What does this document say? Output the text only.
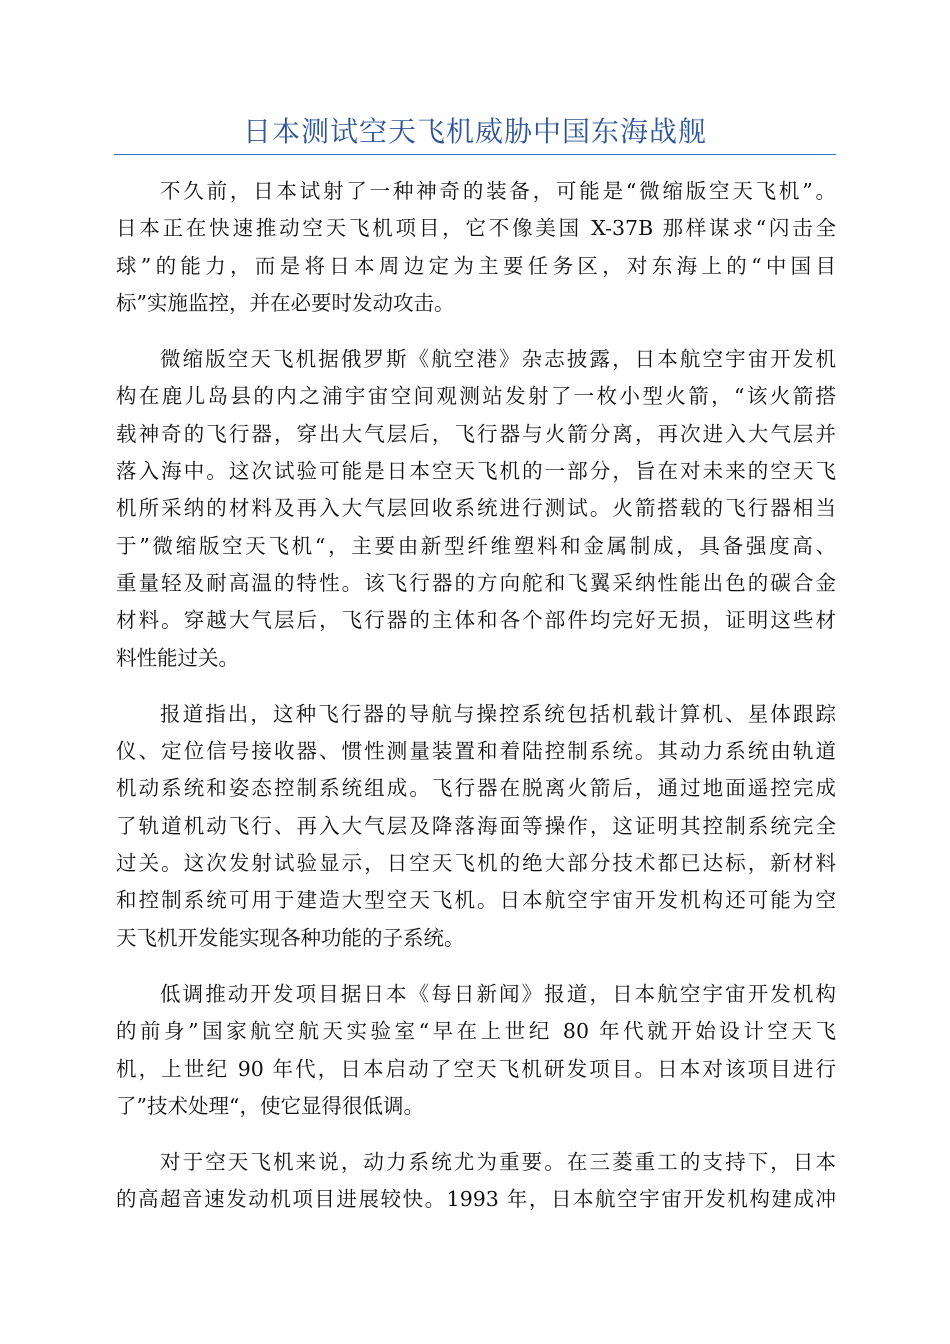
日本测试空天飞机威胁中国东海战舰
不久前，日本试射了一种神奇的装备，可能是“微缩版空天飞机”。
日本正在快速推动空天飞机项目，它不像美国 X-37B 那样谋求“闪击全
球”的能力，而是将日本周边定为主要任务区，对东海上的“中国目
标”实施监控，并在必要时发动攻击。
微缩版空天飞机据俄罗斯《航空港》杂志披露，日本航空宇宙开发机
构在鹿儿岛县的内之浦宇宙空间观测站发射了一枚小型火箭，“该火箭搭
载神奇的飞行器，穿出大气层后，飞行器与火箭分离，再次进入大气层并
落入海中。这次试验可能是日本空天飞机的一部分，旨在对未来的空天飞
机所采纳的材料及再入大气层回收系统进行测试。火箭搭载的飞行器相当
于”微缩版空天飞机“，主要由新型纤维塑料和金属制成，具备强度高、
重量轻及耐高温的特性。该飞行器的方向舵和飞翼采纳性能出色的碳合金
材料。穿越大气层后，飞行器的主体和各个部件均完好无损，证明这些材
料性能过关。
报道指出，这种飞行器的导航与操控系统包括机载计算机、星体跟踪
仪、定位信号接收器、惯性测量装置和着陆控制系统。其动力系统由轨道
机动系统和姿态控制系统组成。飞行器在脱离火箭后，通过地面遥控完成
了轨道机动飞行、再入大气层及降落海面等操作，这证明其控制系统完全
过关。这次发射试验显示，日空天飞机的绝大部分技术都已达标，新材料
和控制系统可用于建造大型空天飞机。日本航空宇宙开发机构还可能为空
天飞机开发能实现各种功能的子系统。
低调推动开发项目据日本《每日新闻》报道，日本航空宇宙开发机构
的前身”国家航空航天实验室“早在上世纪 80 年代就开始设计空天飞
机，上世纪 90 年代，日本启动了空天飞机研发项目。日本对该项目进行
了”技术处理“，使它显得很低调。
对于空天飞机来说，动力系统尤为重要。在三菱重工的支持下，日本
的高超音速发动机项目进展较快。1993 年，日本航空宇宙开发机构建成冲
